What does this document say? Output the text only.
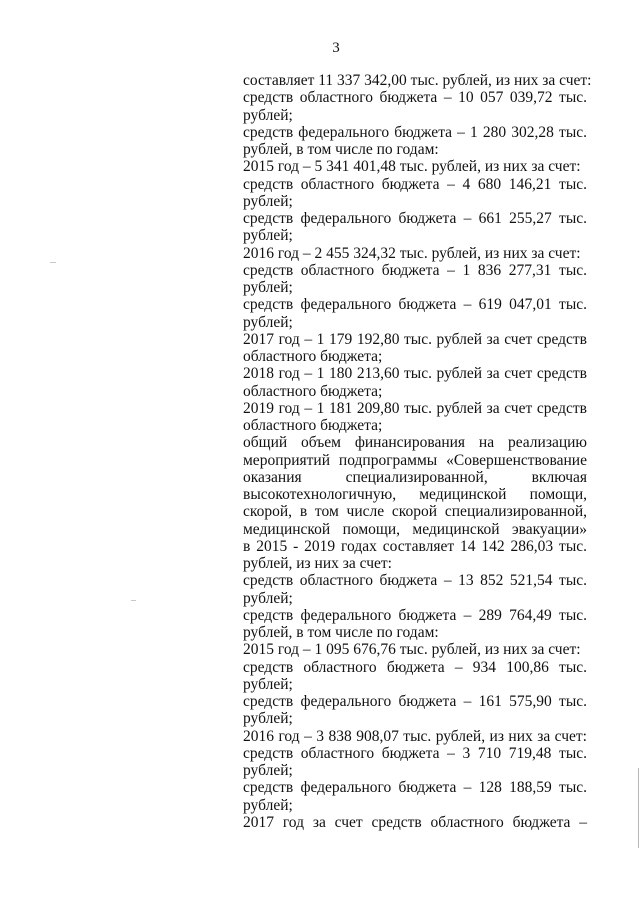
3
составляет 11 337 342,00 тыс. рублей, из них за счет:
средств областного бюджета – 10 057 039,72 тыс.
рублей;
средств федерального бюджета – 1 280 302,28 тыс.
рублей, в том числе по годам:
2015 год – 5 341 401,48 тыс. рублей, из них за счет:
средств областного бюджета – 4 680 146,21 тыс.
рублей;
средств федерального бюджета – 661 255,27 тыс.
рублей;
2016 год – 2 455 324,32 тыс. рублей, из них за счет:
средств областного бюджета – 1 836 277,31 тыс.
рублей;
средств федерального бюджета – 619 047,01 тыс.
рублей;
2017 год – 1 179 192,80 тыс. рублей за счет средств
областного бюджета;
2018 год – 1 180 213,60 тыс. рублей за счет средств
областного бюджета;
2019 год – 1 181 209,80 тыс. рублей за счет средств
областного бюджета;
общий объем финансирования на реализацию
мероприятий подпрограммы «Совершенствование
оказания специализированной, включая
высокотехнологичную, медицинской помощи,
скорой, в том числе скорой специализированной,
медицинской помощи, медицинской эвакуации»
в 2015 - 2019 годах составляет 14 142 286,03 тыс.
рублей, из них за счет:
средств областного бюджета – 13 852 521,54 тыс.
рублей;
средств федерального бюджета – 289 764,49 тыс.
рублей, в том числе по годам:
2015 год – 1 095 676,76 тыс. рублей, из них за счет:
средств областного бюджета – 934 100,86 тыс.
рублей;
средств федерального бюджета – 161 575,90 тыс.
рублей;
2016 год – 3 838 908,07 тыс. рублей, из них за счет:
средств областного бюджета – 3 710 719,48 тыс.
рублей;
средств федерального бюджета – 128 188,59 тыс.
рублей;
2017 год за счет средств областного бюджета –
